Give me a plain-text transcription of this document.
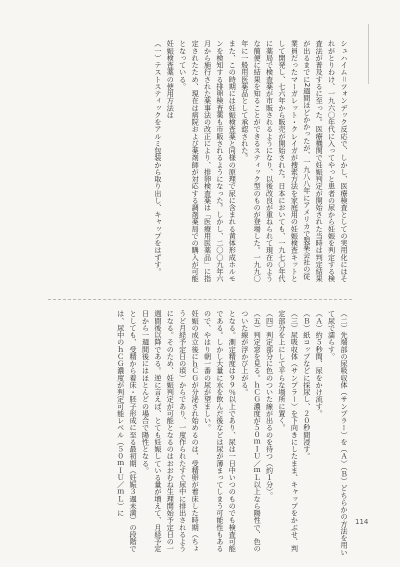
シュハイム＝ツォンデック反応で、しかし、医療検査としての実用化にはそれがとりわけ、一九六〇年代に入ってやっと患者の尿から妊娠を判定する検査法が普及するに至った。医療機関で妊娠判定が開始された当時は判定結果が出るまでに2週間ほどかかったが、一九八八年にアメリカで製薬会社の従業員だったマーガレット・クレイガが捜索方法を家庭用の妊娠検査キットとして開発し、七六年から販売が開始された。日本においても、一九七〇年代に薬局で検査薬が市販されるようになり、以後改良が重ねられて現在のような簡便に結果を知ることができるスティック型のものが登場した。一九九〇年に一般用医薬品として承認された。

また、この時期には妊娠検査薬と同様の原理で尿に含まれる黄体形成ホルモンを検知する排卵検査薬も市販されるようになった。しかし、二〇〇九年六月から施行された薬事法の改正により、排卵検査薬は「医療用医薬品」に指定されたため、現在は病院および薬剤師が対応する調剤薬局での購入が可能となっている。

妊娠検査薬の使用方法は

（一）テストスティックをアルミ包装から取り出し、キャップをはずす。

（二）先端部の尿吸収体（サンプラー）を（Ａ）（Ｂ）どちらかの方法を用いて尿で濡らす。

（Ａ）約５秒間、尿をかけ流す。

（Ｂ）紙コップなどに採尿し、２０秒間浸す。

（三）尿吸収体（サンプラー）を下向きにしたまま、キャップをかぶせ、判定部分を上にして平らな場所に置く。

（四）判定部分に色のついた線が出るのを待つ（約１分）。

（五）判定窓を見る。ｈＣＧ濃度が５０ｍＩＵ／ｍＬ以上なら陽性で、色のついた線が浮かび上がる。

となる。測定精度は９９％以上であり、尿は一日中いつのものでも検査可能である。しかし大量に水を飲んだ後などは尿が薄まってしまう可能性もあるので、やはり朝一番の尿が望ましい。

妊娠の成立後にｈＣＧが分泌され始めるのは、受精卵が着床した時期（ちょうど月経予定日の頃）からであり、一度作られたすぐ尿中に排出されるようになる。そのため、妊娠判定が可能となるのはおおむね生理開始予定日の一週間後以降である。逆に言えば、とても妊娠している量が増えて、月経予定日から一週間後にはほとんどの場合で陽性となる。

としても、受精から着床・胚子形成に至る最初期（妊娠３週未満）の段階では、尿中のｈＣＧ濃度が判定可能レベル（５０ｍＩＵ／ｍＬ）に

114
